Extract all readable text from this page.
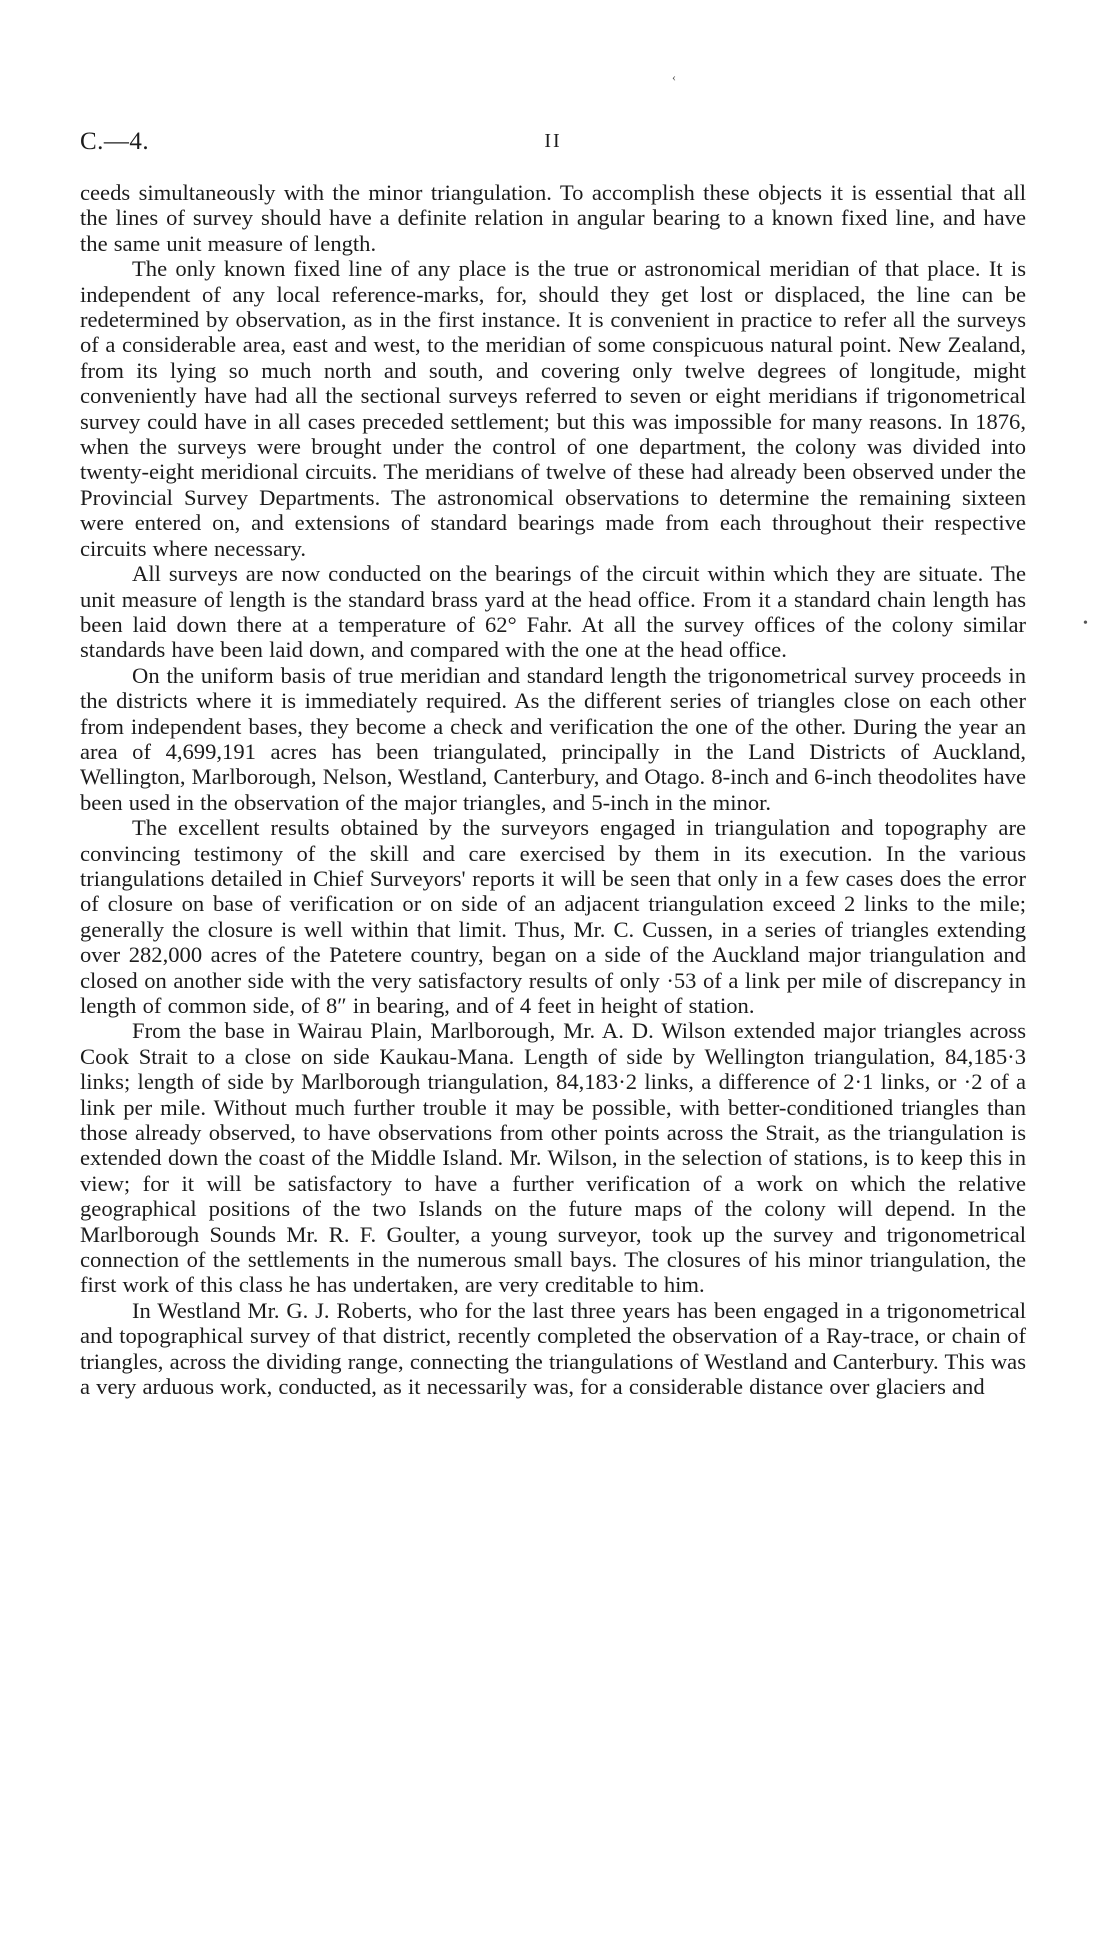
C.—4.	II
‹
•

ceeds simultaneously with the minor triangulation. To accomplish these objects it is essential that all the lines of survey should have a definite relation in angular bearing to a known fixed line, and have the same unit measure of length.

The only known fixed line of any place is the true or astronomical meridian of that place. It is independent of any local reference-marks, for, should they get lost or displaced, the line can be redetermined by observation, as in the first instance. It is convenient in practice to refer all the surveys of a considerable area, east and west, to the meridian of some conspicuous natural point. New Zealand, from its lying so much north and south, and covering only twelve degrees of longitude, might conveniently have had all the sectional surveys referred to seven or eight meridians if trigonometrical survey could have in all cases preceded settlement; but this was impossible for many reasons. In 1876, when the surveys were brought under the control of one department, the colony was divided into twenty-eight meridional circuits. The meridians of twelve of these had already been observed under the Provincial Survey Departments. The astronomical observations to determine the remaining sixteen were entered on, and extensions of standard bearings made from each throughout their respective circuits where necessary.

All surveys are now conducted on the bearings of the circuit within which they are situate. The unit measure of length is the standard brass yard at the head office. From it a standard chain length has been laid down there at a temperature of 62° Fahr. At all the survey offices of the colony similar standards have been laid down, and compared with the one at the head office.

On the uniform basis of true meridian and standard length the trigonometrical survey proceeds in the districts where it is immediately required. As the different series of triangles close on each other from independent bases, they become a check and verification the one of the other. During the year an area of 4,699,191 acres has been triangulated, principally in the Land Districts of Auckland, Wellington, Marlborough, Nelson, Westland, Canterbury, and Otago. 8-inch and 6-inch theodolites have been used in the observation of the major triangles, and 5-inch in the minor.

The excellent results obtained by the surveyors engaged in triangulation and topography are convincing testimony of the skill and care exercised by them in its execution. In the various triangulations detailed in Chief Surveyors' reports it will be seen that only in a few cases does the error of closure on base of verification or on side of an adjacent triangulation exceed 2 links to the mile; generally the closure is well within that limit. Thus, Mr. C. Cussen, in a series of triangles extending over 282,000 acres of the Patetere country, began on a side of the Auckland major triangulation and closed on another side with the very satisfactory results of only ·53 of a link per mile of discrepancy in length of common side, of 8″ in bearing, and of 4 feet in height of station.

From the base in Wairau Plain, Marlborough, Mr. A. D. Wilson extended major triangles across Cook Strait to a close on side Kaukau-Mana. Length of side by Wellington triangulation, 84,185·3 links; length of side by Marlborough triangulation, 84,183·2 links, a difference of 2·1 links, or ·2 of a link per mile. Without much further trouble it may be possible, with better-conditioned triangles than those already observed, to have observations from other points across the Strait, as the triangulation is extended down the coast of the Middle Island. Mr. Wilson, in the selection of stations, is to keep this in view; for it will be satisfactory to have a further verification of a work on which the relative geographical positions of the two Islands on the future maps of the colony will depend. In the Marlborough Sounds Mr. R. F. Goulter, a young surveyor, took up the survey and trigonometrical connection of the settlements in the numerous small bays. The closures of his minor triangulation, the first work of this class he has undertaken, are very creditable to him.

In Westland Mr. G. J. Roberts, who for the last three years has been engaged in a trigonometrical and topographical survey of that district, recently completed the observation of a Ray-trace, or chain of triangles, across the dividing range, connecting the triangulations of Westland and Canterbury. This was a very arduous work, conducted, as it necessarily was, for a considerable distance over glaciers and
